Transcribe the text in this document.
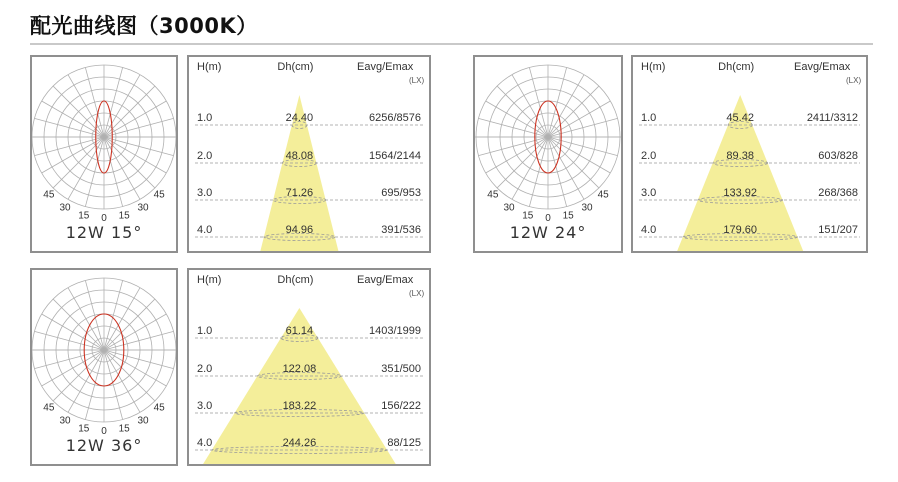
配光曲线图（3000K）
45
30
15 0 15
30
45
12W 15°
H(m)	Dh(cm)	Eavg/Emax
(LX)
1.0	24.40	6256/8576
2.0	48.08	1564/2144
3.0	71.26	695/953
4.0	94.96	391/536
45
30
15 0 15
30
45
12W 24°
H(m)	Dh(cm)	Eavg/Emax
(LX)
1.0	45.42	2411/3312
2.0	89.38	603/828
3.0	133.92	268/368
4.0	179.60	151/207
45
30
15 0 15
30
45
12W 36°
H(m)	Dh(cm)	Eavg/Emax
(LX)
1.0	61.14	1403/1999
2.0	122.08	351/500
3.0	183.22	156/222
4.0	244.26	88/125
